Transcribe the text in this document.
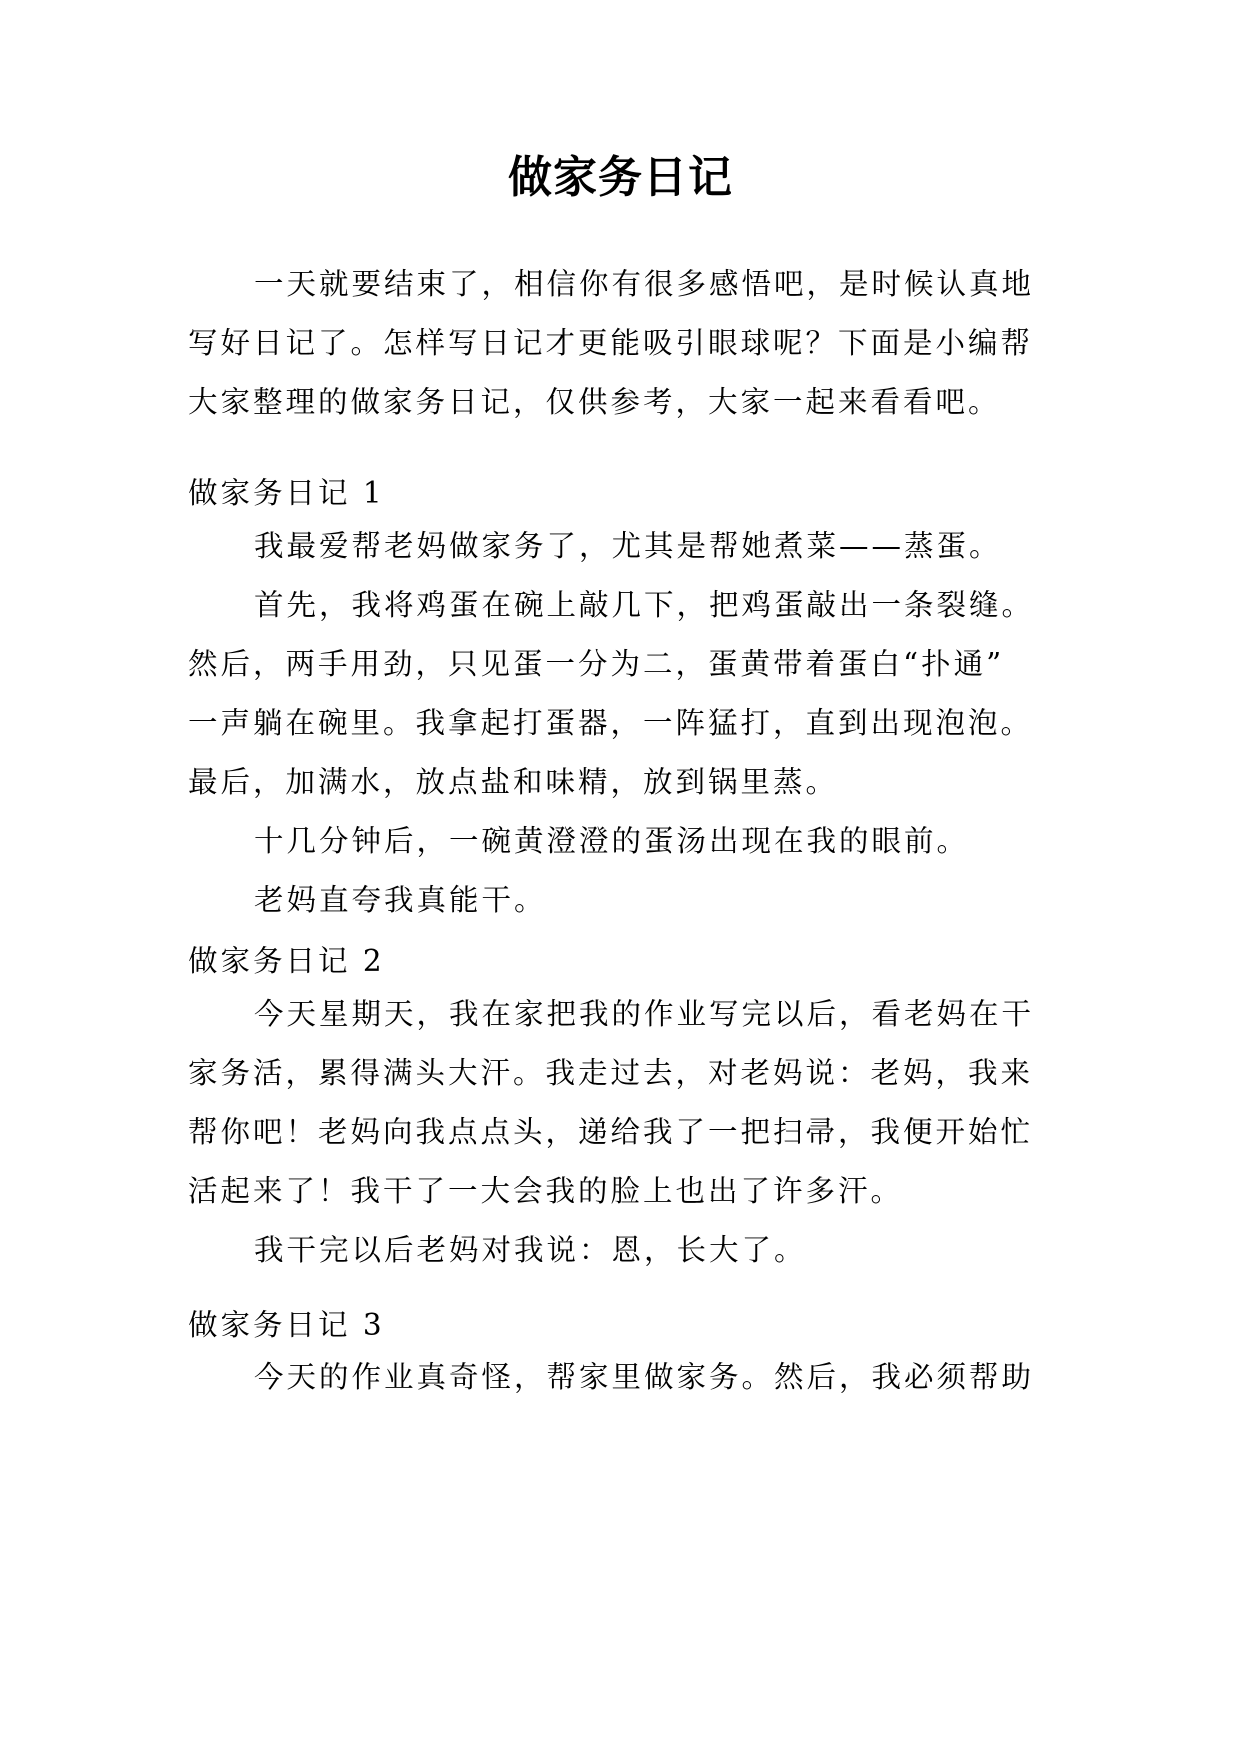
做家务日记
一天就要结束了，相信你有很多感悟吧，是时候认真地
写好日记了。怎样写日记才更能吸引眼球呢？下面是小编帮
大家整理的做家务日记，仅供参考，大家一起来看看吧。
做家务日记 1
我最爱帮老妈做家务了，尤其是帮她煮菜——蒸蛋。
首先，我将鸡蛋在碗上敲几下，把鸡蛋敲出一条裂缝。
然后，两手用劲，只见蛋一分为二，蛋黄带着蛋白“扑通”
一声躺在碗里。我拿起打蛋器，一阵猛打，直到出现泡泡。
最后，加满水，放点盐和味精，放到锅里蒸。
十几分钟后，一碗黄澄澄的蛋汤出现在我的眼前。
老妈直夸我真能干。
做家务日记 2
今天星期天，我在家把我的作业写完以后，看老妈在干
家务活，累得满头大汗。我走过去，对老妈说：老妈，我来
帮你吧！老妈向我点点头，递给我了一把扫帚，我便开始忙
活起来了！我干了一大会我的脸上也出了许多汗。
我干完以后老妈对我说：恩，长大了。
做家务日记 3
今天的作业真奇怪，帮家里做家务。然后，我必须帮助
